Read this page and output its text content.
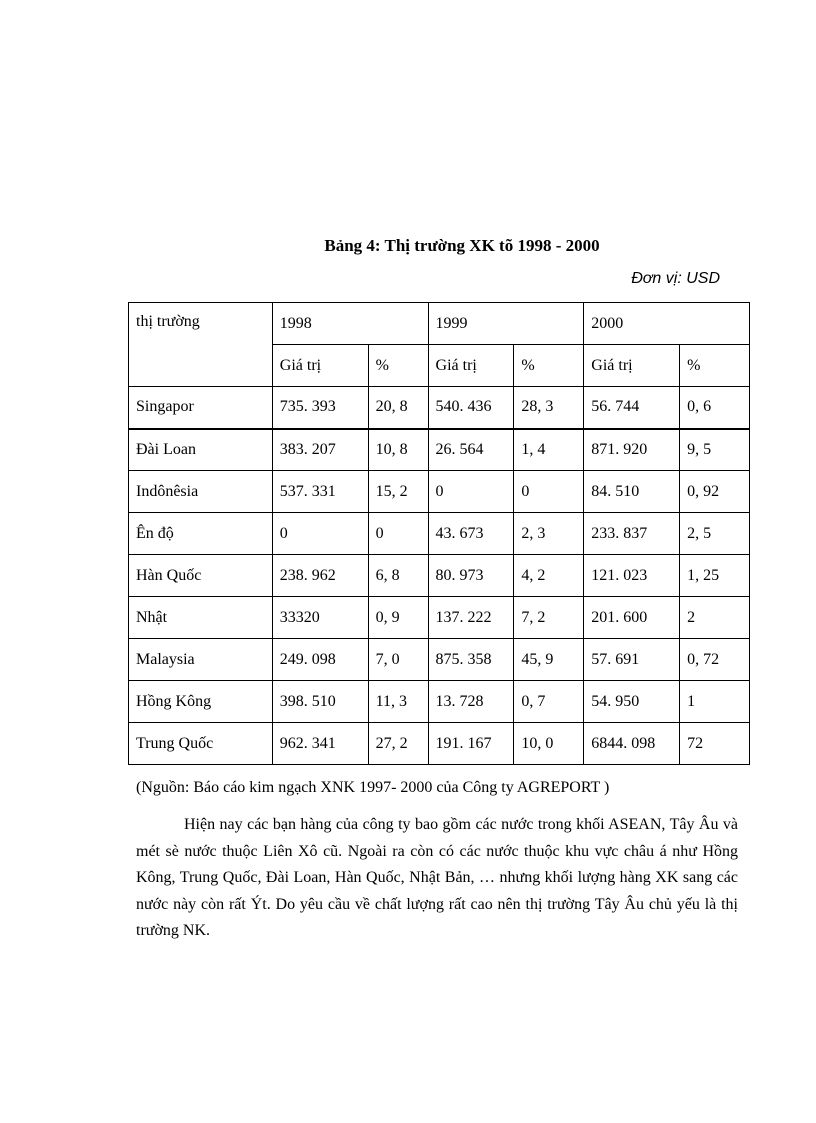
Bảng 4: Thị trường XK tõ 1998 - 2000
Đơn vị: USD
thị trường	1998		1999		2000	
	Giá trị	%	Giá trị	%	Giá trị	%
Singapor	735. 393	20, 8	540. 436	28, 3	56. 744	0, 6
Đài Loan	383. 207	10, 8	26. 564	1, 4	871. 920	9, 5
Indônêsia	537. 331	15, 2	0	0	84. 510	0, 92
Ên độ	0	0	43. 673	2, 3	233. 837	2, 5
Hàn Quốc	238. 962	6, 8	80. 973	4, 2	121. 023	1, 25
Nhật	33320	0, 9	137. 222	7, 2	201. 600	2
Malaysia	249. 098	7, 0	875. 358	45, 9	57. 691	0, 72
Hồng Kông	398. 510	11, 3	13. 728	0, 7	54. 950	1
Trung Quốc	962. 341	27, 2	191. 167	10, 0	6844. 098	72
(Nguồn: Báo cáo kim ngạch XNK 1997- 2000 của Công ty AGREPORT )

Hiện nay các bạn hàng của công ty bao gồm các nước trong khối ASEAN, Tây Âu và mét sè nước thuộc Liên Xô cũ. Ngoài ra còn có các nước thuộc khu vực châu á như Hồng Kông, Trung Quốc, Đài Loan, Hàn Quốc, Nhật Bản, … nhưng khối lượng hàng XK sang các nước này còn rất Ýt. Do yêu cầu về chất lượng rất cao nên thị trường Tây Âu chủ yếu là thị trường NK.
